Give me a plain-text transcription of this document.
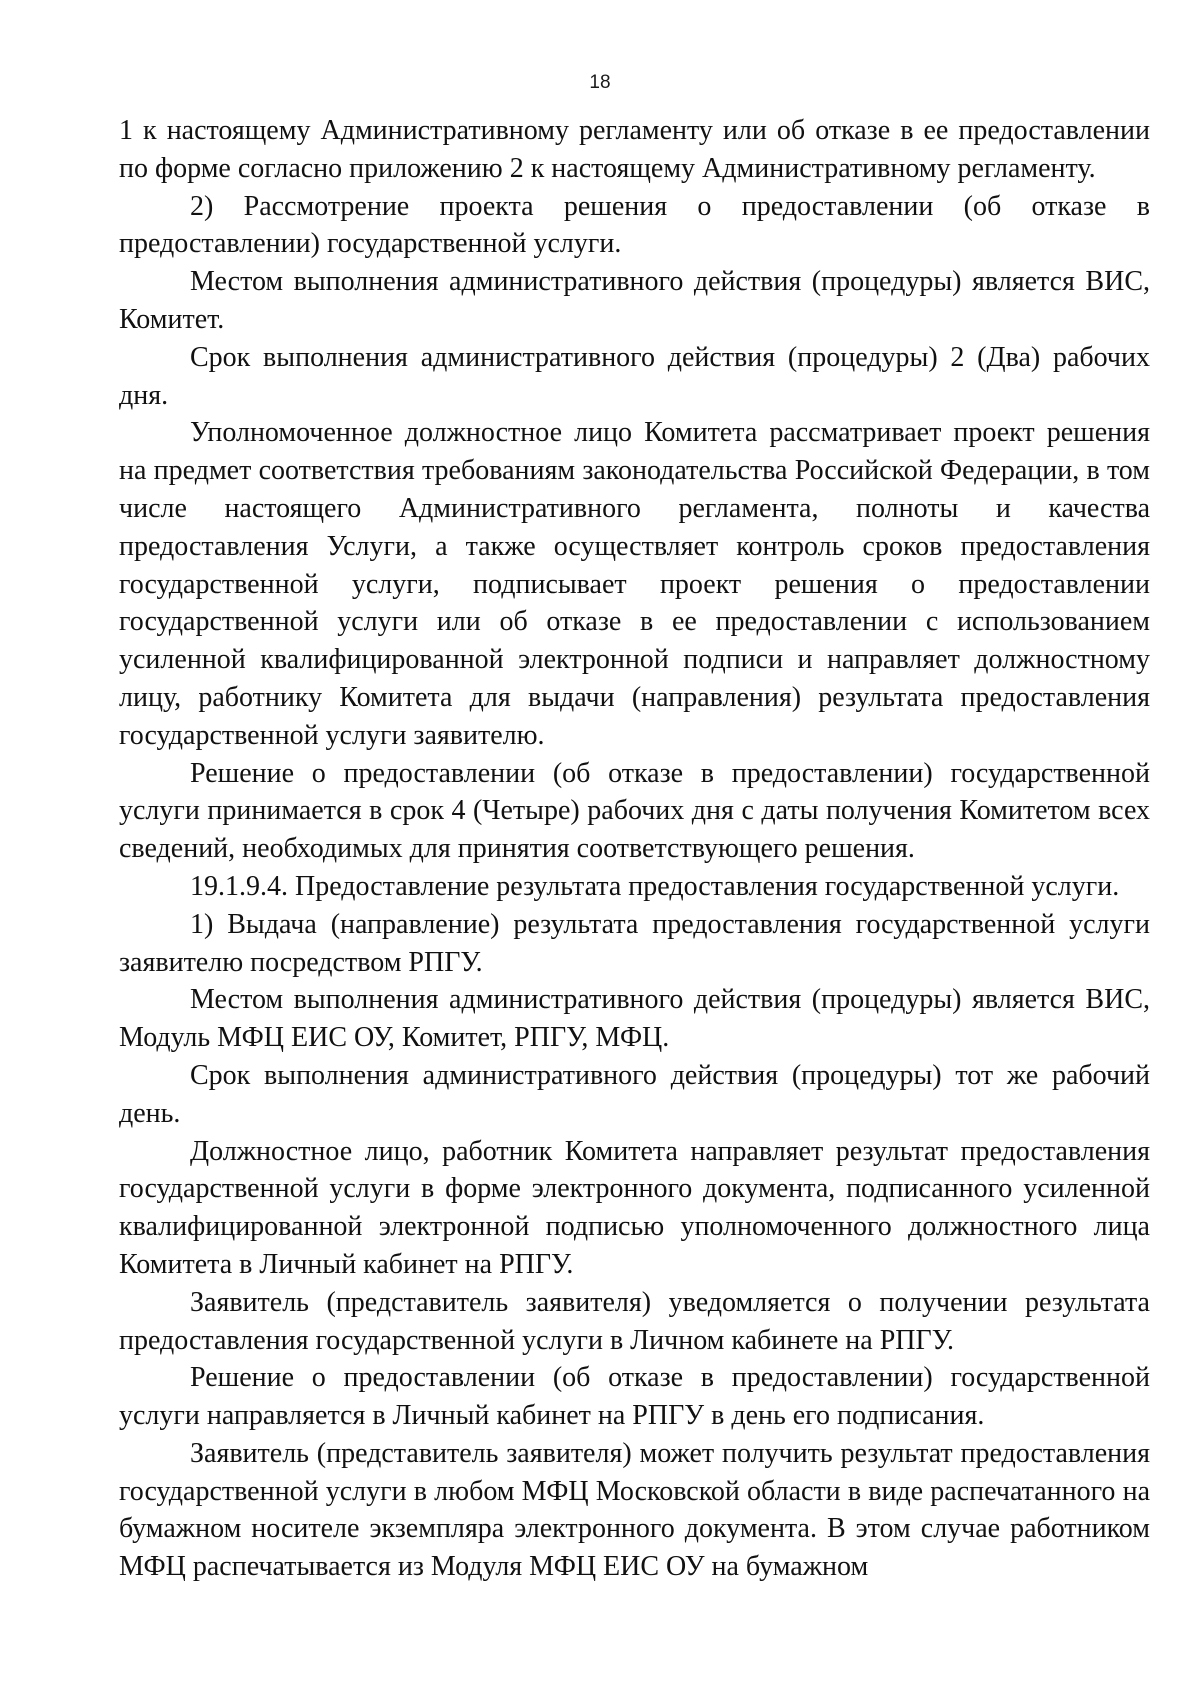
18

1 к настоящему Административному регламенту или об отказе в ее предоставлении по форме согласно приложению 2 к настоящему Административному регламенту.

2) Рассмотрение проекта решения о предоставлении (об отказе в предоставлении) государственной услуги.

Местом выполнения административного действия (процедуры) является ВИС, Комитет.

Срок выполнения административного действия (процедуры) 2 (Два) рабочих дня.

Уполномоченное должностное лицо Комитета рассматривает проект решения на предмет соответствия требованиям законодательства Российской Федерации, в том числе настоящего Административного регламента, полноты и качества предоставления Услуги, а также осуществляет контроль сроков предоставления государственной услуги, подписывает проект решения о предоставлении государственной услуги или об отказе в ее предоставлении с использованием усиленной квалифицированной электронной подписи и направляет должностному лицу, работнику Комитета для выдачи (направления) результата предоставления государственной услуги заявителю.

Решение о предоставлении (об отказе в предоставлении) государственной услуги принимается в срок 4 (Четыре) рабочих дня с даты получения Комитетом всех сведений, необходимых для принятия соответствующего решения.

19.1.9.4. Предоставление результата предоставления государственной услуги.

1) Выдача (направление) результата предоставления государственной услуги заявителю посредством РПГУ.

Местом выполнения административного действия (процедуры) является ВИС, Модуль МФЦ ЕИС ОУ, Комитет, РПГУ, МФЦ.

Срок выполнения административного действия (процедуры) тот же рабочий день.

Должностное лицо, работник Комитета направляет результат предоставления государственной услуги в форме электронного документа, подписанного усиленной квалифицированной электронной подписью уполномоченного должностного лица Комитета в Личный кабинет на РПГУ.

Заявитель (представитель заявителя) уведомляется о получении результата предоставления государственной услуги в Личном кабинете на РПГУ.

Решение о предоставлении (об отказе в предоставлении) государственной услуги направляется в Личный кабинет на РПГУ в день его подписания.

Заявитель (представитель заявителя) может получить результат предоставления государственной услуги в любом МФЦ Московской области в виде распечатанного на бумажном носителе экземпляра электронного документа. В этом случае работником МФЦ распечатывается из Модуля МФЦ ЕИС ОУ на бумажном
